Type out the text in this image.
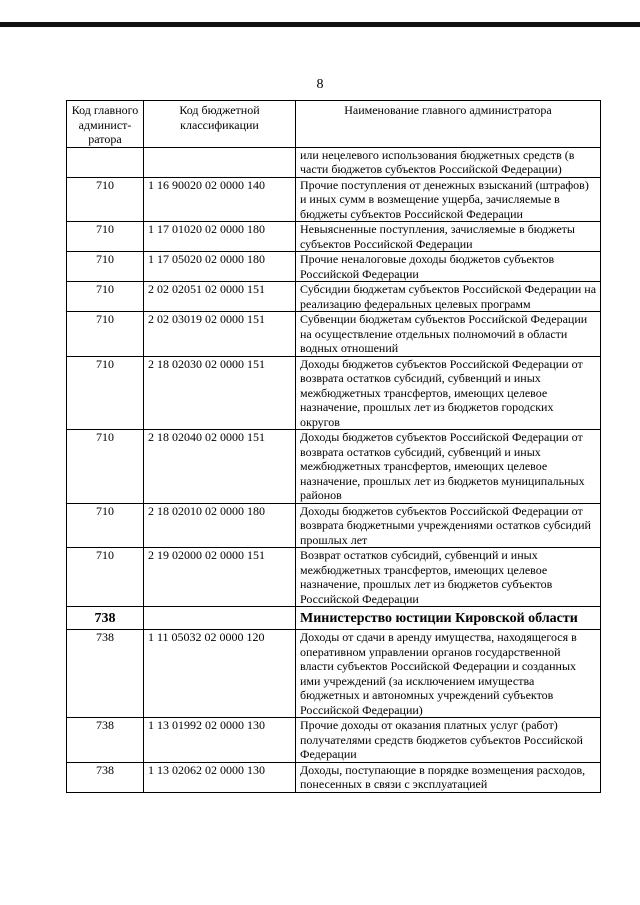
8
Код главного админист-ратора	Код бюджетной классификации	Наименование главного администратора
		или нецелевого использования бюджетных средств (в части бюджетов субъектов Российской Федерации)
710	1 16 90020 02 0000 140	Прочие поступления от денежных взысканий (штрафов) и иных сумм в возмещение ущерба, зачисляемые в бюджеты субъектов Российской Федерации
710	1 17 01020 02 0000 180	Невыясненные поступления, зачисляемые в бюджеты субъектов Российской Федерации
710	1 17 05020 02 0000 180	Прочие неналоговые доходы бюджетов субъектов Российской Федерации
710	2 02 02051 02 0000 151	Субсидии бюджетам субъектов Российской Федерации на реализацию федеральных целевых программ
710	2 02 03019 02 0000 151	Субвенции бюджетам субъектов Российской Федерации на осуществление отдельных полномочий в области водных отношений
710	2 18 02030 02 0000 151	Доходы бюджетов субъектов Российской Федерации от возврата остатков субсидий, субвенций и иных межбюджетных трансфертов, имеющих целевое назначение, прошлых лет из бюджетов городских округов
710	2 18 02040 02 0000 151	Доходы бюджетов субъектов Российской Федерации от возврата остатков субсидий, субвенций и иных межбюджетных трансфертов, имеющих целевое назначение, прошлых лет из бюджетов муниципальных районов
710	2 18 02010 02 0000 180	Доходы бюджетов субъектов Российской Федерации от возврата бюджетными учреждениями остатков субсидий прошлых лет
710	2 19 02000 02 0000 151	Возврат остатков субсидий, субвенций и иных межбюджетных трансфертов, имеющих целевое назначение, прошлых лет из бюджетов субъектов Российской Федерации
738		Министерство юстиции Кировской области
738	1 11 05032 02 0000 120	Доходы от сдачи в аренду имущества, находящегося в оперативном управлении органов государственной власти субъектов Российской Федерации и созданных ими учреждений (за исключением имущества бюджетных и автономных учреждений субъектов Российской Федерации)
738	1 13 01992 02 0000 130	Прочие доходы от оказания платных услуг (работ) получателями средств бюджетов субъектов Российской Федерации
738	1 13 02062 02 0000 130	Доходы, поступающие в порядке возмещения расходов, понесенных в связи с эксплуатацией
